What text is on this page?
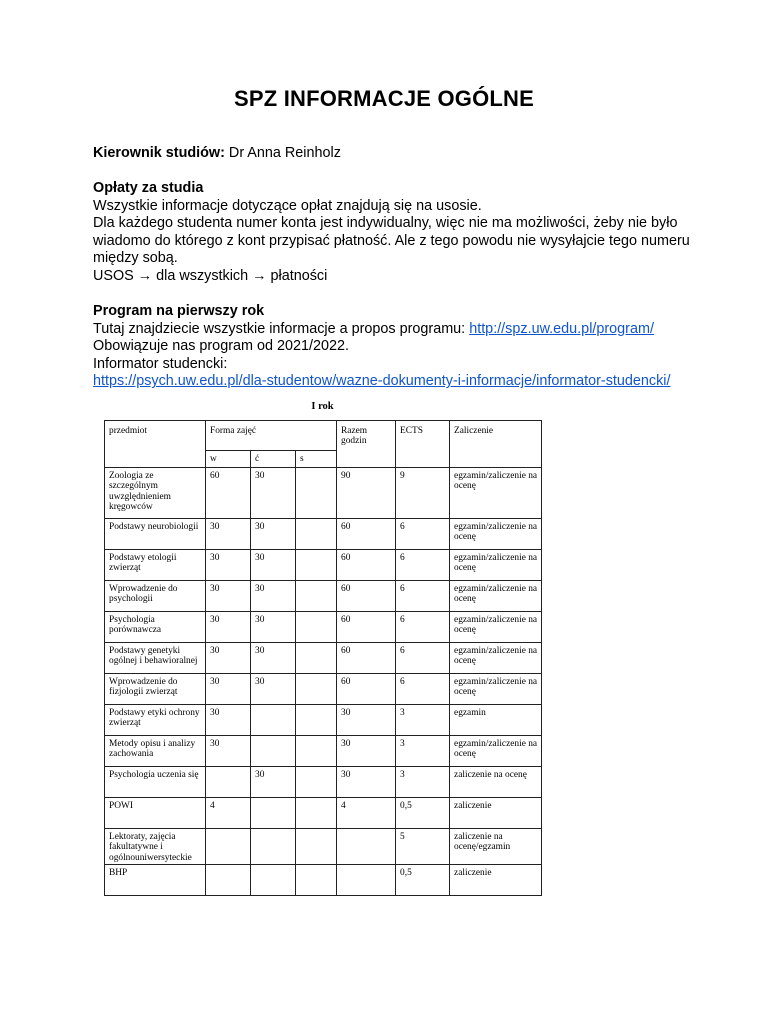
SPZ INFORMACJE OGÓLNE

Kierownik studiów: Dr Anna Reinholz

Opłaty za studia

Wszystkie informacje dotyczące opłat znajdują się na usosie.

Dla każdego studenta numer konta jest indywidualny, więc nie ma możliwości, żeby nie było wiadomo do którego z kont przypisać płatność. Ale z tego powodu nie wysyłajcie tego numeru między sobą.

USOS → dla wszystkich → płatności

Program na pierwszy rok

Tutaj znajdziecie wszystkie informacje a propos programu: http://spz.uw.edu.pl/program/

Obowiązuje nas program od 2021/2022.

Informator studencki:

https://psych.uw.edu.pl/dla-studentow/wazne-dokumenty-i-informacje/informator-studencki/

I rok
przedmiot	Forma zajęć			Razem godzin	ECTS	Zaliczenie
	w	ć	s			
Zoologia ze szczególnym uwzględnieniem kręgowców	60	30		90	9	egzamin/zaliczenie na ocenę
Podstawy neurobiologii	30	30		60	6	egzamin/zaliczenie na ocenę
Podstawy etologii zwierząt	30	30		60	6	egzamin/zaliczenie na ocenę
Wprowadzenie do psychologii	30	30		60	6	egzamin/zaliczenie na ocenę
Psychologia porównawcza	30	30		60	6	egzamin/zaliczenie na ocenę
Podstawy genetyki ogólnej i behawioralnej	30	30		60	6	egzamin/zaliczenie na ocenę
Wprowadzenie do fizjologii zwierząt	30	30		60	6	egzamin/zaliczenie na ocenę
Podstawy etyki ochrony zwierząt	30			30	3	egzamin
Metody opisu i analizy zachowania	30			30	3	egzamin/zaliczenie na ocenę
Psychologia uczenia się		30		30	3	zaliczenie na ocenę
POWI	4			4	0,5	zaliczenie
Lektoraty, zajęcia fakultatywne i ogólnouniwersyteckie					5	zaliczenie na ocenę/egzamin
BHP					0,5	zaliczenie
